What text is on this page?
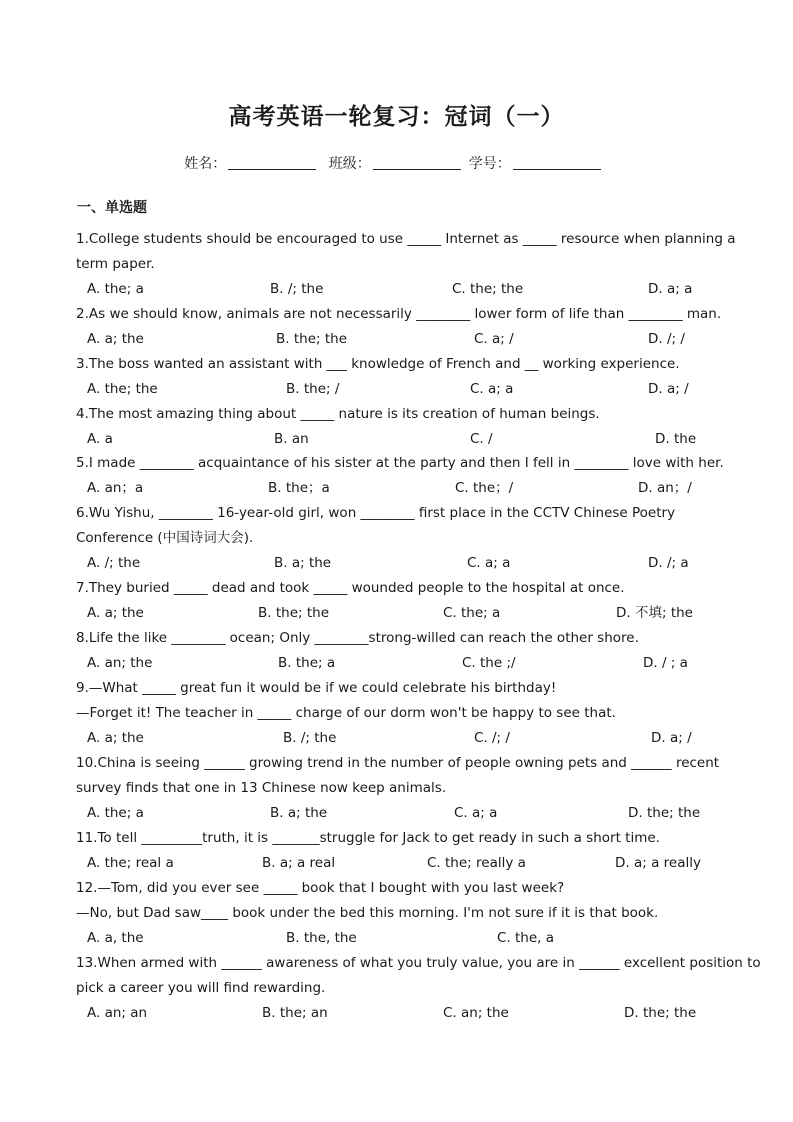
高考英语一轮复习：冠词（一）
姓名：	班级：	学号：
一、单选题
1.College students should be encouraged to use _____ Internet as _____ resource when planning a
term paper.
A. the; a	B. /; the	C. the; the	D. a; a
2.As we should know, animals are not necessarily ________ lower form of life than ________ man.
A. a; the	B. the; the	C. a; /	D. /; /
3.The boss wanted an assistant with ___ knowledge of French and __ working experience.
A. the; the	B. the; /	C. a; a	D. a; /
4.The most amazing thing about _____ nature is its creation of human beings.
A. a	B. an	C. /	D. the
5.I made ________ acquaintance of his sister at the party and then I fell in ________ love with her.
A. an；a	B. the；a	C. the；/	D. an；/
6.Wu Yishu, ________ 16-year-old girl, won ________ first place in the CCTV Chinese Poetry
Conference (中国诗词大会).
A. /; the	B. a; the	C. a; a	D. /; a
7.They buried _____ dead and took _____ wounded people to the hospital at once.
A. a; the	B. the; the	C. the; a	D. 不填; the
8.Life the like ________ ocean; Only ________strong-willed can reach the other shore.
A. an; the	B. the; a	C. the ;/	D. / ; a
9.—What _____ great fun it would be if we could celebrate his birthday!
—Forget it! The teacher in _____ charge of our dorm won't be happy to see that.
A. a; the	B. /; the	C. /; /	D. a; /
10.China is seeing ______ growing trend in the number of people owning pets and ______ recent
survey finds that one in 13 Chinese now keep animals.
A. the; a	B. a; the	C. a; a	D. the; the
11.To tell _________truth, it is _______struggle for Jack to get ready in such a short time.
A. the; real a	B. a; a real	C. the; really a	D. a; a really
12.—Tom, did you ever see _____ book that I bought with you last week?
—No, but Dad saw____ book under the bed this morning. I'm not sure if it is that book.
A. a, the	B. the, the	C. the, a
13.When armed with ______ awareness of what you truly value, you are in ______ excellent position to
pick a career you will find rewarding.
A. an; an	B. the; an	C. an; the	D. the; the
